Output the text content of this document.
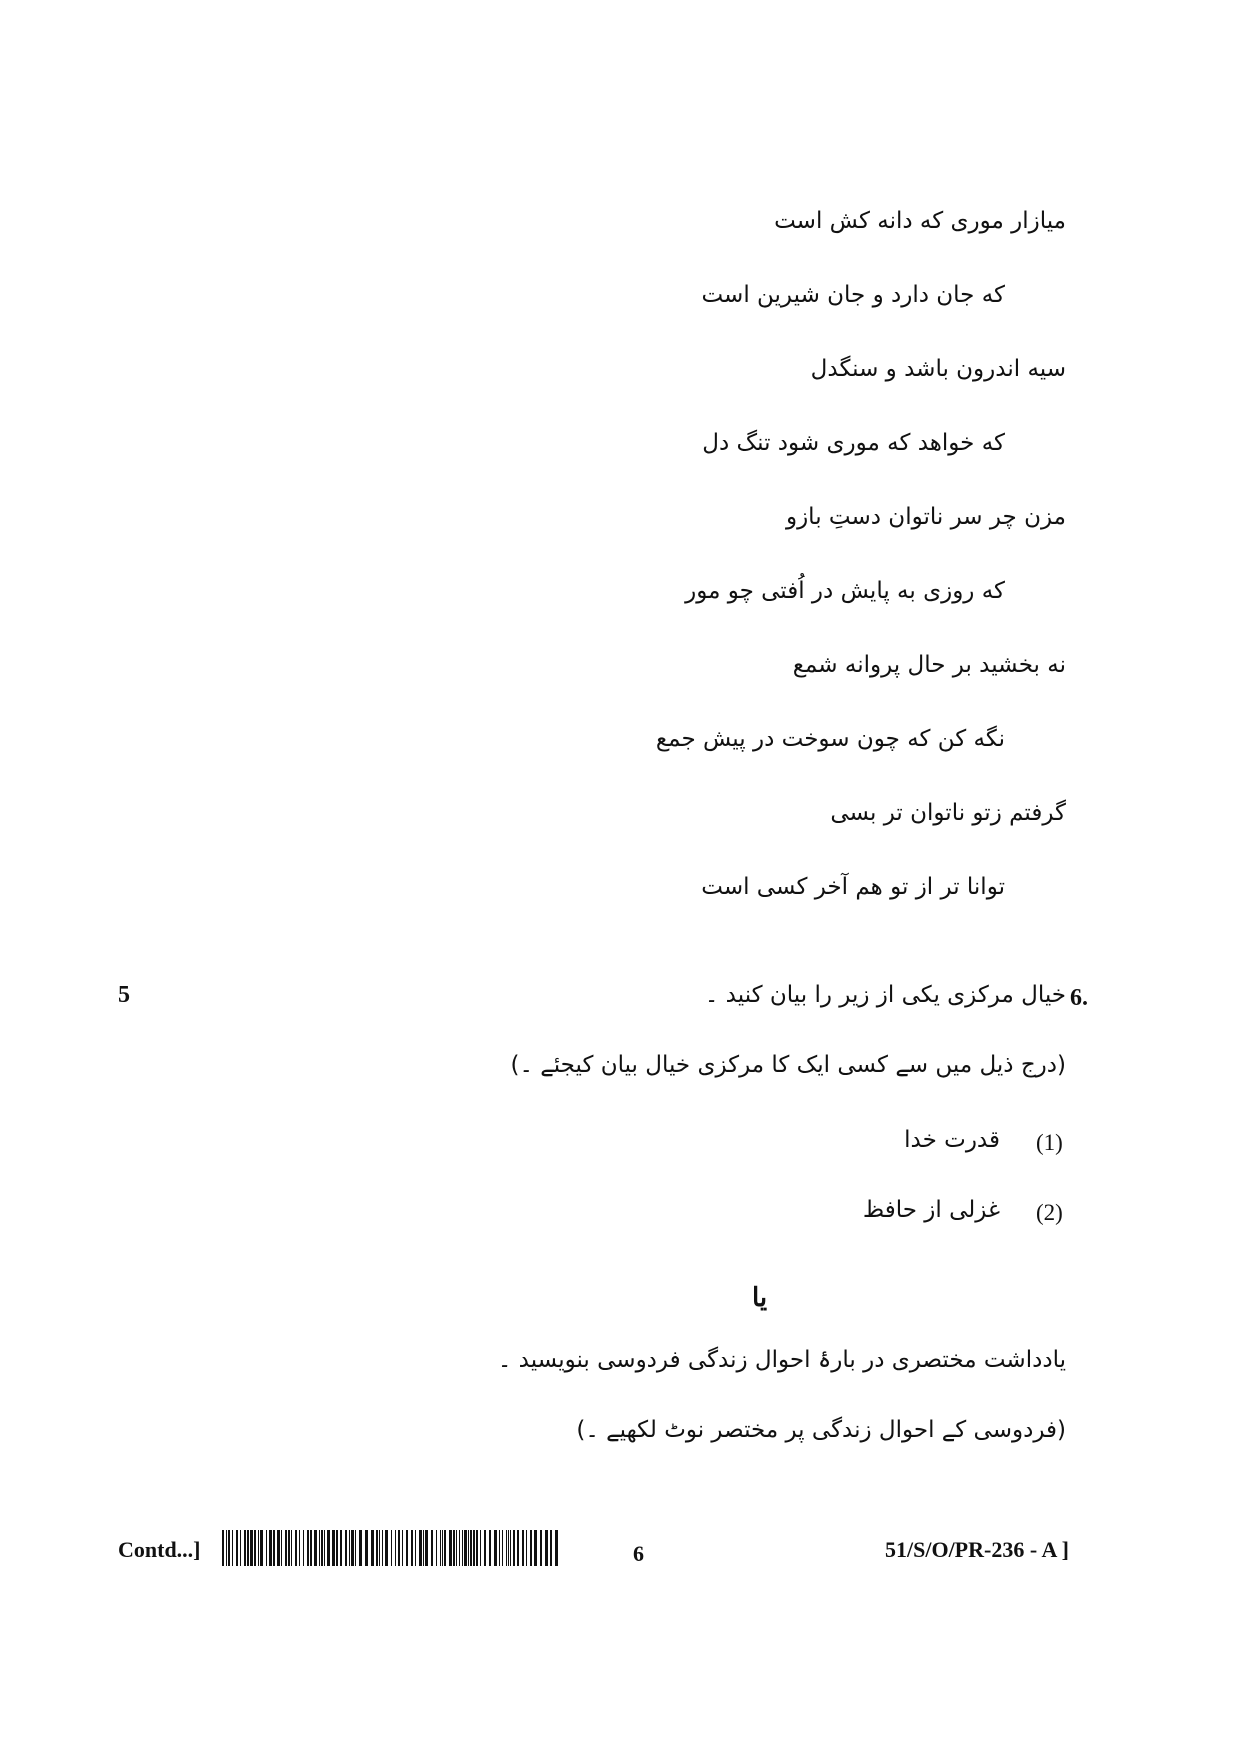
میازار موری که دانه کش است
که جان دارد و جان شیرین است
سیه اندرون باشد و سنگدل
که خواهد که موری شود تنگ دل
مزن چر سر ناتوان دستِ بازو
که روزی به پایش در اُفتی چو مور
نه بخشید بر حال پروانه شمع
نگه کن که چون سوخت در پیش جمع
گرفتم زتو ناتوان تر بسی
توانا تر از تو هم آخر کسی است
5	6.
خیال مرکزی یکی از زیر را بیان کنید ۔
(درج ذیل میں سے کسی ایک کا مرکزی خیال بیان کیجئے ۔)
(1)
قدرت خدا
(2)
غزلی از حافظ
یا
یادداشت مختصری در بارۂ احوال زندگی فردوسی بنویسید ۔
(فردوسی کے احوال زندگی پر مختصر نوٹ لکھیے ۔)
Contd...]	6	51/S/O/PR-236 - A ]
